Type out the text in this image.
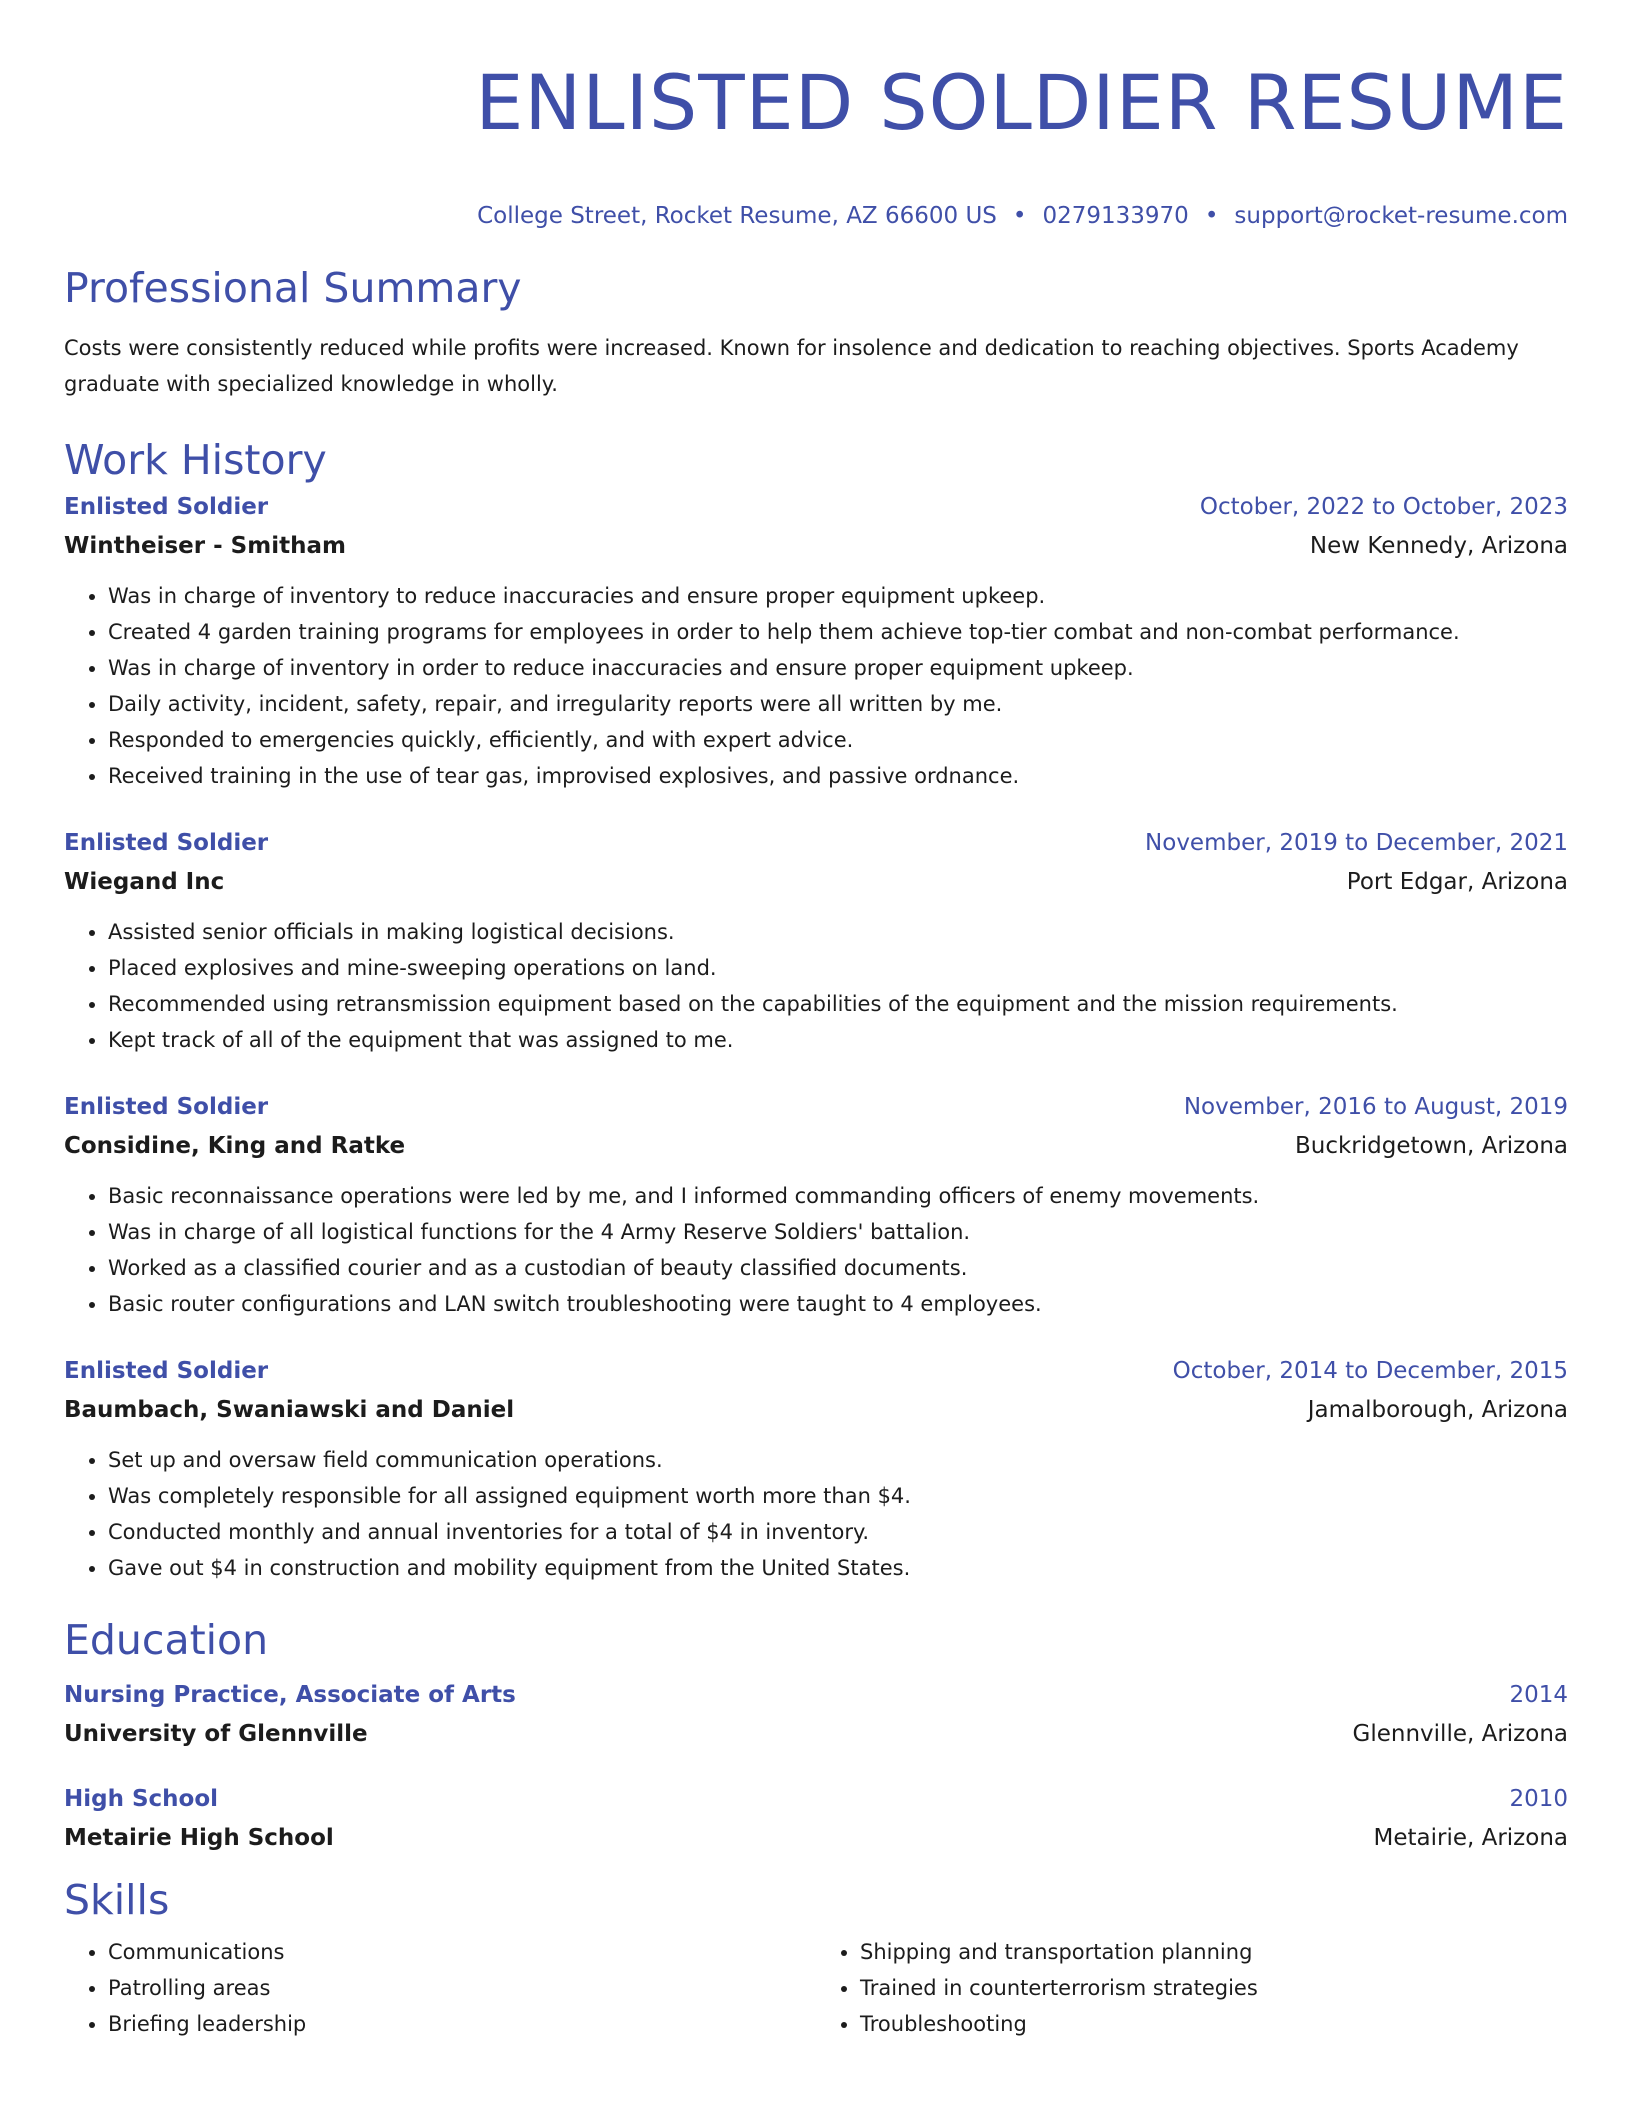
ENLISTED SOLDIER RESUME
College Street, Rocket Resume, AZ 66600 US • 0279133970 • support@rocket-resume.com
Professional Summary

Costs were consistently reduced while profits were increased. Known for insolence and dedication to reaching objectives. Sports Academy graduate with specialized knowledge in wholly.

Work History
Enlisted Soldier	October, 2022 to October, 2023
Wintheiser - Smitham	New Kennedy, Arizona
• Was in charge of inventory to reduce inaccuracies and ensure proper equipment upkeep.
• Created 4 garden training programs for employees in order to help them achieve top-tier combat and non-combat performance.
• Was in charge of inventory in order to reduce inaccuracies and ensure proper equipment upkeep.
• Daily activity, incident, safety, repair, and irregularity reports were all written by me.
• Responded to emergencies quickly, efficiently, and with expert advice.
• Received training in the use of tear gas, improvised explosives, and passive ordnance.
Enlisted Soldier	November, 2019 to December, 2021
Wiegand Inc	Port Edgar, Arizona
• Assisted senior officials in making logistical decisions.
• Placed explosives and mine-sweeping operations on land.
• Recommended using retransmission equipment based on the capabilities of the equipment and the mission requirements.
• Kept track of all of the equipment that was assigned to me.
Enlisted Soldier	November, 2016 to August, 2019
Considine, King and Ratke	Buckridgetown, Arizona
• Basic reconnaissance operations were led by me, and I informed commanding officers of enemy movements.
• Was in charge of all logistical functions for the 4 Army Reserve Soldiers' battalion.
• Worked as a classified courier and as a custodian of beauty classified documents.
• Basic router configurations and LAN switch troubleshooting were taught to 4 employees.
Enlisted Soldier	October, 2014 to December, 2015
Baumbach, Swaniawski and Daniel	Jamalborough, Arizona
• Set up and oversaw field communication operations.
• Was completely responsible for all assigned equipment worth more than $4.
• Conducted monthly and annual inventories for a total of $4 in inventory.
• Gave out $4 in construction and mobility equipment from the United States.
Education
Nursing Practice, Associate of Arts	2014
University of Glennville	Glennville, Arizona
High School	2010
Metairie High School	Metairie, Arizona
Skills
• Communications
• Patrolling areas
• Briefing leadership
• Shipping and transportation planning
• Trained in counterterrorism strategies
• Troubleshooting
